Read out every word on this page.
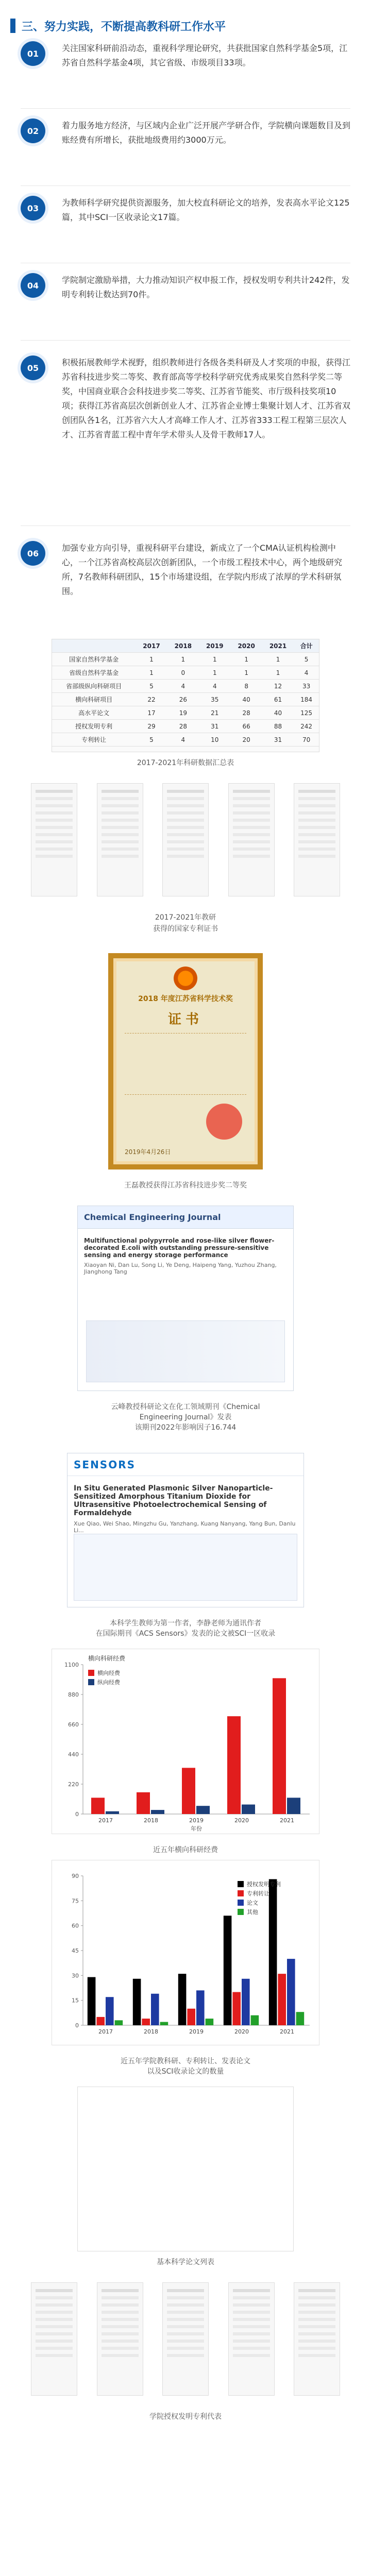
三、努力实践，不断提高教科研工作水平
01
关注国家科研前沿动态，重视科学理论研究，共获批国家自然科学基金5项，江苏省自然科学基金4项，其它省级、市级项目33项。
02
着力服务地方经济，与区域内企业广泛开展产学研合作，学院横向课题数目及到账经费有所增长，获批地级费用约3000万元。
03
为教师科学研究提供资源服务，加大校直科研论文的培养，发表高水平论文125篇，其中SCI一区收录论文17篇。
04
学院制定激励举措，大力推动知识产权申报工作，授权发明专利共计242件，发明专利转让数达到70件。
05
积极拓展教师学术视野，组织教师进行各级各类科研及人才奖项的申报，获得江苏省科技进步奖二等奖、教育部高等学校科学研究优秀成果奖自然科学奖二等奖，中国商业联合会科技进步奖二等奖、江苏省节能奖、市厅级科技奖项10项；获得江苏省高层次创新创业人才、江苏省企业博士集聚计划人才、江苏省双创团队各1名，江苏省六大人才高峰工作人才、江苏省333工程工程第三层次人才、江苏省青蓝工程中青年学术带头人及骨干教师17人。
06
加强专业方向引导，重视科研平台建设，新成立了一个CMA认证机构检测中心，一个江苏省高校高层次创新团队，一个市级工程技术中心，两个地级研究所，7名教师科研团队，15个市场建设组，在学院内形成了浓厚的学术科研氛围。
	2017	2018	2019	2020	2021	合计
国家自然科学基金	1	1	1	1	1	5
省级自然科学基金	1	0	1	1	1	4
省部级纵向科研项目	5	4	4	8	12	33
横向科研项目	22	26	35	40	61	184
高水平论文	17	19	21	28	40	125
授权发明专利	29	28	31	66	88	242
专利转让	5	4	10	20	31	70
2017-2021年科研数据汇总表
2017-2021年教研
获得的国家专利证书
2018 年度江苏省科学技术奖
证书
2019年4月26日
王磊教授获得江苏省科技进步奖二等奖
Chemical Engineering Journal
Multifunctional polypyrrole and rose-like silver flower-decorated E.coli with outstanding pressure-sensitive sensing and energy storage performance
Xiaoyan Ni, Dan Lu, Song Li, Ye Deng, Haipeng Yang, Yuzhou Zhang, Jianghong Tang
云峰教授科研论文在化工领域期刊《Chemical
Engineering Journal》发表
该期刊2022年影响因子16.744
SENSORS
In Situ Generated Plasmonic Silver Nanoparticle-Sensitized Amorphous Titanium Dioxide for Ultrasensitive Photoelectrochemical Sensing of Formaldehyde
Xue Qiao, Wei Shao, Mingzhu Gu, Yanzhang, Kuang Nanyang, Yang Bun, Danlu Li...
本科学生教师为第一作者，李静老师为通讯作者
在国际期刊《ACS Sensors》发表的论文被SCI一区收录
0
220
440
660
880
1100
2017	2018	2019	2020	2021
年份
横向科研经费
横向经费
纵向经费
近五年横向科研经费
0
15
30
45
60
75
90
2017	2018	2019	2020	2021
授权发明专利
专利转让
论文
其他
近五年学院教科研、专利转让、发表论文
以及SCI收录论文的数量
基本科学论文列表
学院授权发明专利代表
